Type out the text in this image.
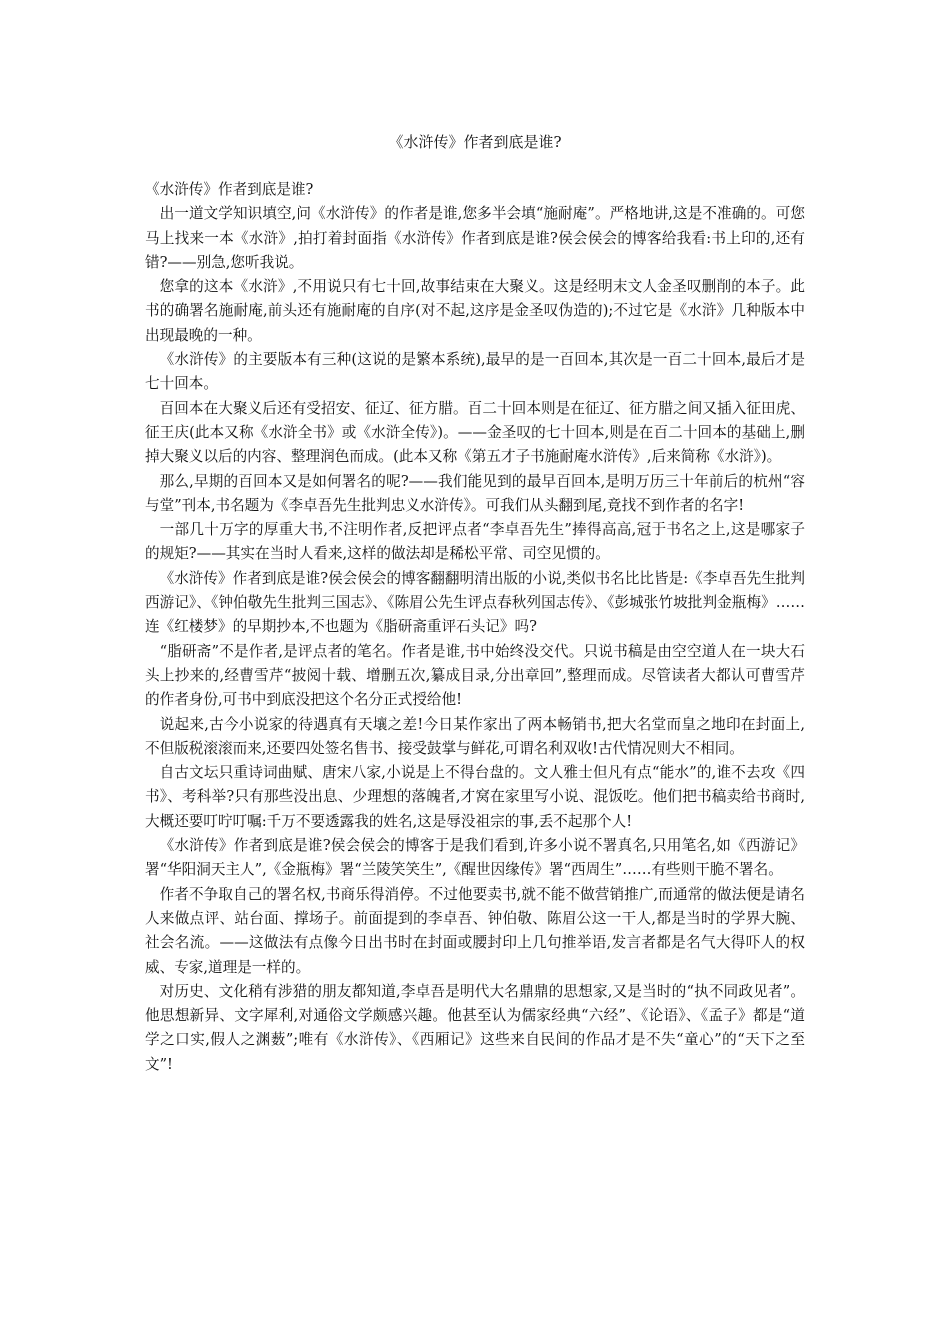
《水浒传》作者到底是谁?

《水浒传》作者到底是谁?

出一道文学知识填空,问《水浒传》的作者是谁,您多半会填“施耐庵”。严格地讲,这是不准确的。可您马上找来一本《水浒》,拍打着封面指《水浒传》作者到底是谁?侯会侯会的博客给我看:书上印的,还有错?——别急,您听我说。

您拿的这本《水浒》,不用说只有七十回,故事结束在大聚义。这是经明末文人金圣叹删削的本子。此书的确署名施耐庵,前头还有施耐庵的自序(对不起,这序是金圣叹伪造的);不过它是《水浒》几种版本中出现最晚的一种。

《水浒传》的主要版本有三种(这说的是繁本系统),最早的是一百回本,其次是一百二十回本,最后才是七十回本。

百回本在大聚义后还有受招安、征辽、征方腊。百二十回本则是在征辽、征方腊之间又插入征田虎、征王庆(此本又称《水浒全书》或《水浒全传》)。——金圣叹的七十回本,则是在百二十回本的基础上,删掉大聚义以后的内容、整理润色而成。(此本又称《第五才子书施耐庵水浒传》,后来简称《水浒》)。

那么,早期的百回本又是如何署名的呢?——我们能见到的最早百回本,是明万历三十年前后的杭州“容与堂”刊本,书名题为《李卓吾先生批判忠义水浒传》。可我们从头翻到尾,竟找不到作者的名字!

一部几十万字的厚重大书,不注明作者,反把评点者“李卓吾先生”捧得高高,冠于书名之上,这是哪家子的规矩?——其实在当时人看来,这样的做法却是稀松平常、司空见惯的。

《水浒传》作者到底是谁?侯会侯会的博客翻翻明清出版的小说,类似书名比比皆是:《李卓吾先生批判西游记》、《钟伯敬先生批判三国志》、《陈眉公先生评点春秋列国志传》、《彭城张竹坡批判金瓶梅》……连《红楼梦》的早期抄本,不也题为《脂研斋重评石头记》吗?

“脂研斋”不是作者,是评点者的笔名。作者是谁,书中始终没交代。只说书稿是由空空道人在一块大石头上抄来的,经曹雪芹“披阅十载、增删五次,纂成目录,分出章回”,整理而成。尽管读者大都认可曹雪芹的作者身份,可书中到底没把这个名分正式授给他!

说起来,古今小说家的待遇真有天壤之差!今日某作家出了两本畅销书,把大名堂而皇之地印在封面上,不但版税滚滚而来,还要四处签名售书、接受鼓掌与鲜花,可谓名利双收!古代情况则大不相同。

自古文坛只重诗词曲赋、唐宋八家,小说是上不得台盘的。文人雅士但凡有点“能水”的,谁不去攻《四书》、考科举?只有那些没出息、少理想的落魄者,才窝在家里写小说、混饭吃。他们把书稿卖给书商时,大概还要叮咛叮嘱:千万不要透露我的姓名,这是辱没祖宗的事,丢不起那个人!

《水浒传》作者到底是谁?侯会侯会的博客于是我们看到,许多小说不署真名,只用笔名,如《西游记》署“华阳洞天主人”,《金瓶梅》署“兰陵笑笑生”,《醒世因缘传》署“西周生”……有些则干脆不署名。

作者不争取自己的署名权,书商乐得消停。不过他要卖书,就不能不做营销推广,而通常的做法便是请名人来做点评、站台面、撑场子。前面提到的李卓吾、钟伯敬、陈眉公这一干人,都是当时的学界大腕、社会名流。——这做法有点像今日出书时在封面或腰封印上几句推举语,发言者都是名气大得吓人的权威、专家,道理是一样的。

对历史、文化稍有涉猎的朋友都知道,李卓吾是明代大名鼎鼎的思想家,又是当时的“执不同政见者”。他思想新异、文字犀利,对通俗文学颇感兴趣。他甚至认为儒家经典“六经”、《论语》、《孟子》都是“道学之口实,假人之渊薮”;唯有《水浒传》、《西厢记》这些来自民间的作品才是不失“童心”的“天下之至文”!
